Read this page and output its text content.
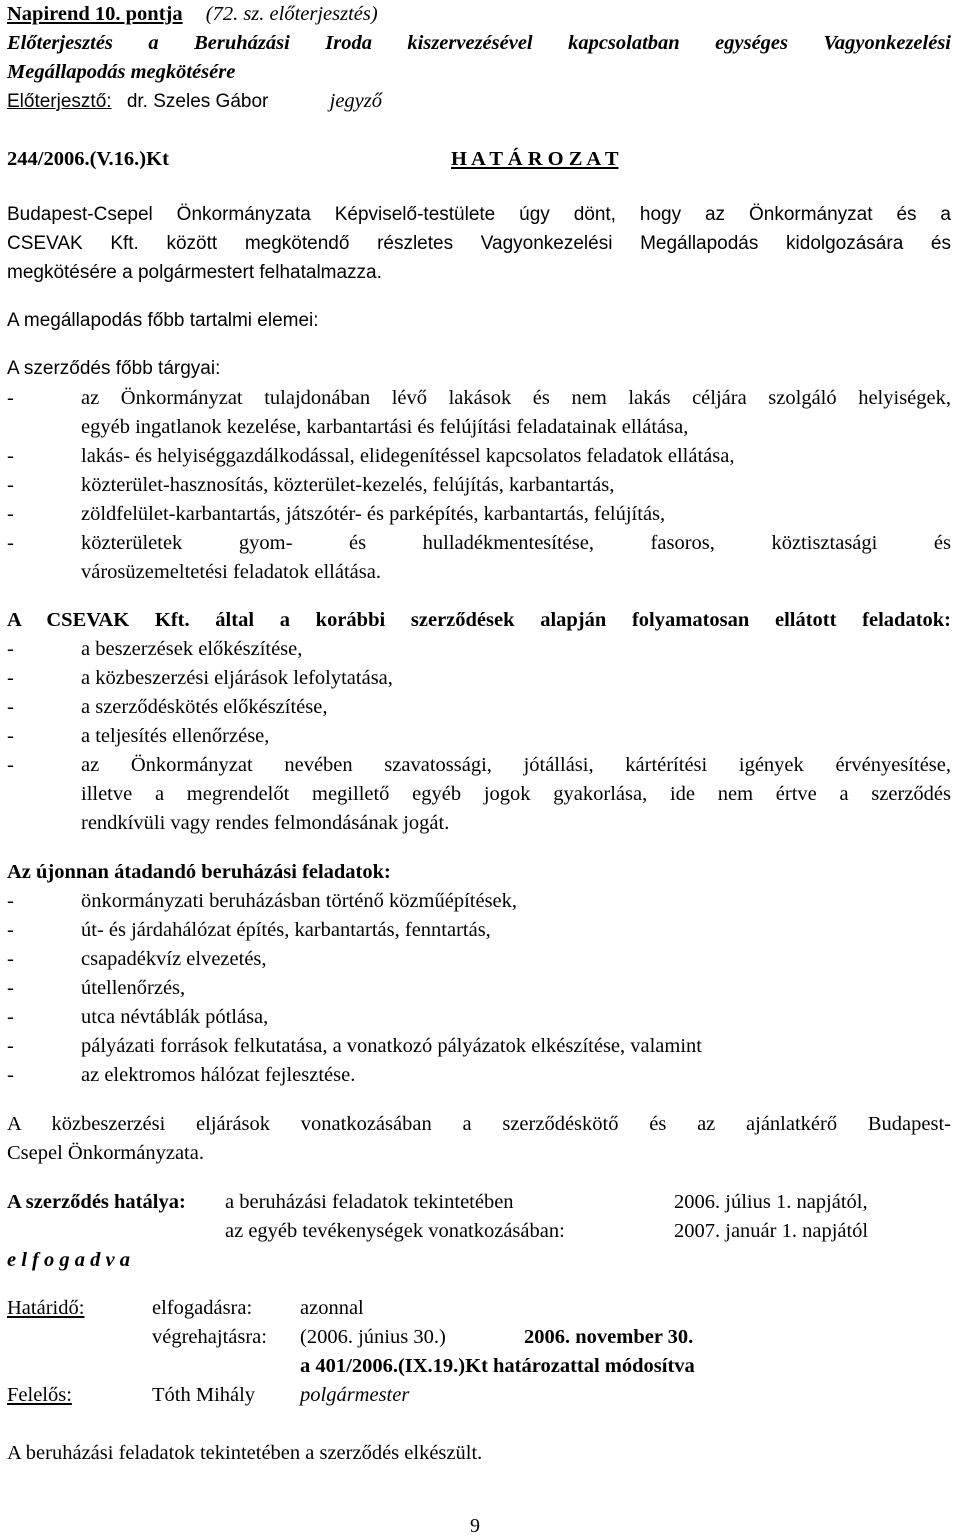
Napirend 10. pontja (72. sz. előterjesztés)
Előterjesztés a Beruházási Iroda kiszervezésével kapcsolatban egységes Vagyonkezelési
Megállapodás megkötésére
Előterjesztő: dr. Szeles Gábor	jegyző
244/2006.(V.16.)Kt	H A T Á R O Z A T
Budapest-Csepel Önkormányzata Képviselő-testülete úgy dönt, hogy az Önkormányzat és a
CSEVAK Kft. között megkötendő részletes Vagyonkezelési Megállapodás kidolgozására és
megkötésére a polgármestert felhatalmazza.
A megállapodás főbb tartalmi elemei:
A szerződés főbb tárgyai:
-	az Önkormányzat tulajdonában lévő lakások és nem lakás céljára szolgáló helyiségek,
egyéb ingatlanok kezelése, karbantartási és felújítási feladatainak ellátása,
-	lakás- és helyiséggazdálkodással, elidegenítéssel kapcsolatos feladatok ellátása,
-	közterület-hasznosítás, közterület-kezelés, felújítás, karbantartás,
-	zöldfelület-karbantartás, játszótér- és parképítés, karbantartás, felújítás,
-	közterületek gyom- és hulladékmentesítése, fasoros, köztisztasági és
városüzemeltetési feladatok ellátása.
A CSEVAK Kft. által a korábbi szerződések alapján folyamatosan ellátott feladatok:
-	a beszerzések előkészítése,
-	a közbeszerzési eljárások lefolytatása,
-	a szerződéskötés előkészítése,
-	a teljesítés ellenőrzése,
-	az Önkormányzat nevében szavatossági, jótállási, kártérítési igények érvényesítése,
illetve a megrendelőt megillető egyéb jogok gyakorlása, ide nem értve a szerződés
rendkívüli vagy rendes felmondásának jogát.
Az újonnan átadandó beruházási feladatok:
-	önkormányzati beruházásban történő közműépítések,
-	út- és járdahálózat építés, karbantartás, fenntartás,
-	csapadékvíz elvezetés,
-	útellenőrzés,
-	utca névtáblák pótlása,
-	pályázati források felkutatása, a vonatkozó pályázatok elkészítése, valamint
-	az elektromos hálózat fejlesztése.
A közbeszerzési eljárások vonatkozásában a szerződéskötő és az ajánlatkérő Budapest-
Csepel Önkormányzata.
A szerződés hatálya: a beruházási feladatok tekintetében	2006. július 1. napjától,
az egyéb tevékenységek vonatkozásában:	2007. január 1. napjától
e l f o g a d v a
Határidő:	elfogadásra: azonnal
végrehajtásra: (2006. június 30.)	2006. november 30.
a 401/2006.(IX.19.)Kt határozattal módosítva
Felelős:	Tóth Mihály polgármester
A beruházási feladatok tekintetében a szerződés elkészült.
9
